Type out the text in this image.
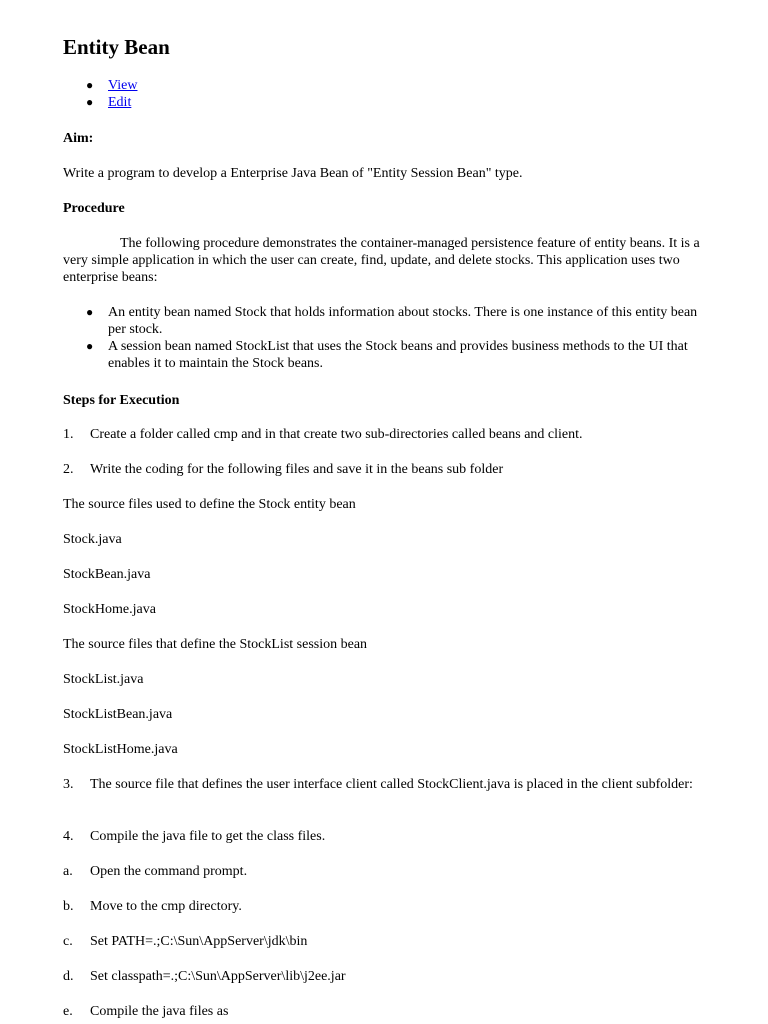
Entity Bean
● View
● Edit

Aim:

Write a program to develop a Enterprise Java Bean of "Entity Session Bean" type.

Procedure

The following procedure demonstrates the container-managed persistence feature of entity beans. It is a very simple application in which the user can create, find, update, and delete stocks. This application uses two enterprise beans:

● An entity bean named Stock that holds information about stocks. There is one instance of this entity bean per stock.
● A session bean named StockList that uses the Stock beans and provides business methods to the UI that enables it to maintain the Stock beans.

Steps for Execution

1. Create a folder called cmp and in that create two sub-directories called beans and client.

2. Write the coding for the following files and save it in the beans sub folder

The source files used to define the Stock entity bean

Stock.java

StockBean.java

StockHome.java

The source files that define the StockList session bean

StockList.java

StockListBean.java

StockListHome.java

3. The source file that defines the user interface client called StockClient.java is placed in the client subfolder:

4. Compile the java file to get the class files.

a. Open the command prompt.

b. Move to the cmp directory.

c. Set PATH=.;C:\Sun\AppServer\jdk\bin

d. Set classpath=.;C:\Sun\AppServer\lib\j2ee.jar

e. Compile the java files as
